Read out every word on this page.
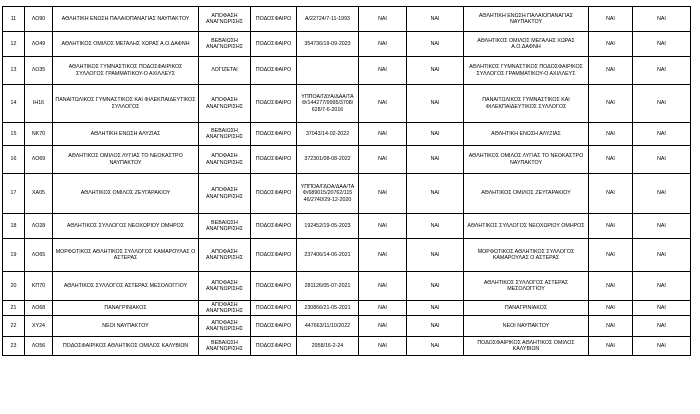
11	ΛΟ90	ΑΘΛΗΤΙΚΗ ΕΝΩΣΗ ΠΑΛΑΙΟΠΑΝΑΓΙΑΣ ΝΑΥΠΑΚΤΟΥ	ΑΠΟΦΑΣΗ ΑΝΑΓΝΩΡΙΣΗΣ	ΠΟΔΟΣΦΑΙΡΟ	Α/22724/7-11-1993	ΝΑΙ	ΝΑΙ	ΑΘΛΗΤΙΚΗ ΕΝΩΣΗ ΠΑΛΑΙΟΠΑΝΑΓΙΑΣ ΝΑΥΠΑΚΤΟΥ	ΝΑΙ	ΝΑΙ
12	ΛΟ49	ΑΘΛΗΤΙΚΟΣ ΟΜΙΛΟΣ ΜΕΓΑΛΗΣ ΧΩΡΑΣ Α.Ο.ΔΑΦΝΗ	ΒΕΒΑΙΩΣΗ ΑΝΑΓΝΩΡΙΣΗΣ	ΠΟΔΟΣΦΑΙΡΟ	354736/19-09-2023	ΝΑΙ	ΝΑΙ	ΑΘΛΗΤΙΚΟΣ ΟΜΙΛΟΣ ΜΕΓΑΛΗΣ ΧΩΡΑΣ Α.Ο.ΔΑΦΝΗ	ΝΑΙ	ΝΑΙ
13	ΛΟ35	ΑΘΛΗΤΙΚΟΣ ΓΥΜΝΑΣΤΙΚΟΣ ΠΟΔΟΣΦΑΙΡΙΚΟΣ ΣΥΛΛΟΓΟΣ ΓΡΑΜΜΑΤΙΚΟΥ-Ο ΑΧΙΛΛΕΥΣ	ΛΟΓΙΖΕΤΑΙ	ΠΟΔΟΣΦΑΙΡΟ		ΝΑΙ	ΝΑΙ	ΑΘΛΗΤΙΚΟΣ ΓΥΜΝΑΣΤΙΚΟΣ ΠΟΔΟΣΦΑΙΡΙΚΟΣ ΣΥΛΛΟΓΟΣ ΓΡΑΜΜΑΤΙΚΟΥ-Ο ΑΧΙΛΛΕΥΣ	ΝΑΙ	ΝΑΙ
14	ΙΗ16	ΠΑΝΑΙΤΩΛΙΚΟΣ ΓΥΜΝΑΣΤΙΚΟΣ ΚΑΙ ΦΙΛΕΚΠΑΙΔΕΥΤΙΚΟΣ ΣΥΛΛΟΓΟΣ	ΑΠΟΦΑΣΗ ΑΝΑΓΝΩΡΙΣΗΣ	ΠΟΔΟΣΦΑΙΡΟ	ΥΠΠΟΑ/ΓΔΥΑ/ΔΑΑ/ΤΑ Φ/144277/9995/3708/ 628/7-6-2016	ΝΑΙ	ΝΑΙ	ΠΑΝΑΙΤΩΛΙΚΟΣ ΓΥΜΝΑΣΤΙΚΟΣ ΚΑΙ ΦΙΛΕΚΠΑΙΔΕΥΤΙΚΟΣ ΣΥΛΛΟΓΟΣ	ΝΑΙ	ΝΑΙ
15	ΝΚ70	ΑΘΛΗΤΙΚΗ ΕΝΩΣΗ ΑΛΥΖΙΑΣ	ΒΕΒΑΙΩΣΗ ΑΝΑΓΝΩΡΙΣΗΣ	ΠΟΔΟΣΦΑΙΡΟ	37043/14-02-2022	ΝΑΙ	ΝΑΙ	ΑΘΛΗΤΙΚΗ ΕΝΩΣΗ ΑΛΥΖΙΑΣ	ΝΑΙ	ΝΑΙ
16	ΛΟ69	ΑΘΛΗΤΙΚΟΣ ΟΜΙΛΟΣ ΛΥΓΙΑΣ ΤΟ ΝΕΟΚΑΣΤΡΟ ΝΑΥΠΑΚΤΟΥ	ΑΠΟΦΑΣΗ ΑΝΑΓΝΩΡΙΣΗΣ	ΠΟΔΟΣΦΑΙΡΟ	372301/08-08-2022	ΝΑΙ	ΝΑΙ	ΑΘΛΗΤΙΚΟΣ ΟΜΙΛΟΣ ΛΥΓΙΑΣ ΤΟ ΝΕΟΚΑΣΤΡΟ ΝΑΥΠΑΚΤΟΥ	ΝΑΙ	ΝΑΙ
17	ΧΑ05	ΑΘΛΗΤΙΚΟΣ ΟΜΙΛΟΣ ΖΕΥΓΑΡΑΚΙΟΥ	ΑΠΟΦΑΣΗ ΑΝΑΓΝΩΡΙΣΗΣ	ΠΟΔΟΣΦΑΙΡΟ	ΥΠΠΟΑ/ΓΔΟΑ/ΔΑΑ/ΤΑ Φ/689015/20762/115 46/2740/29-12-2020	ΝΑΙ	ΝΑΙ	ΑΘΛΗΤΙΚΟΣ ΟΜΙΛΟΣ ΖΕΥΓΑΡΑΚΙΟΥ	ΝΑΙ	ΝΑΙ
18	ΛΟ28	ΑΘΛΗΤΙΚΟΣ ΣΥΛΛΟΓΟΣ ΝΕΟΧΩΡΙΟΥ ΟΜΗΡΟΣ	ΒΕΒΑΙΩΣΗ ΑΝΑΓΝΩΡΙΣΗΣ	ΠΟΔΟΣΦΑΙΡΟ	192452/19-05-2023	ΝΑΙ	ΝΑΙ	ΑΘΛΗΤΙΚΟΣ ΣΥΛΛΟΓΟΣ ΝΕΟΧΩΡΙΟΥ ΟΜΗΡΟΣ	ΝΑΙ	ΝΑΙ
19	ΛΟ65	ΜΟΡΦΩΤΙΚΟΣ ΑΘΛΗΤΙΚΟΣ ΣΥΛΛΟΓΟΣ ΚΑΜΑΡΟΥΛΑΣ Ο ΑΣΤΕΡΑΣ	ΑΠΟΦΑΣΗ ΑΝΑΓΝΩΡΙΣΗΣ	ΠΟΔΟΣΦΑΙΡΟ	237406/14-06-2021	ΝΑΙ	ΝΑΙ	ΜΟΡΦΩΤΙΚΟΣ ΑΘΛΗΤΙΚΟΣ ΣΥΛΛΟΓΟΣ ΚΑΜΑΡΟΥΛΑΣ Ο ΑΣΤΕΡΑΣ	ΝΑΙ	ΝΑΙ
20	ΚΠ70	ΑΘΛΗΤΙΚΟΣ ΣΥΛΛΟΓΟΣ ΑΣΤΕΡΑΣ ΜΕΣΟΛΟΓΓΙΟΥ	ΑΠΟΦΑΣΗ ΑΝΑΓΝΩΡΙΣΗΣ	ΠΟΔΟΣΦΑΙΡΟ	281126/05-07-2021	ΝΑΙ	ΝΑΙ	ΑΘΛΗΤΙΚΟΣ ΣΥΛΛΟΓΟΣ ΑΣΤΕΡΑΣ ΜΕΣΟΛΟΓΓΙΟΥ	ΝΑΙ	ΝΑΙ
21	ΛΟ68	ΠΑΝΑΓΡΙΝΙΑΚΟΣ	ΑΠΟΦΑΣΗ ΑΝΑΓΝΩΡΙΣΗΣ	ΠΟΔΟΣΦΑΙΡΟ	230866/21-05-2021	ΝΑΙ	ΝΑΙ	ΠΑΝΑΓΡΙΝΙΑΚΟΣ	ΝΑΙ	ΝΑΙ
22	ΧΥ24	ΝΕΟΙ ΝΑΥΠΑΚΤΟΥ	ΑΠΟΦΑΣΗ ΑΝΑΓΝΩΡΙΣΗΣ	ΠΟΔΟΣΦΑΙΡΟ	447663/11/10/2022	ΝΑΙ	ΝΑΙ	ΝΕΟΙ ΝΑΥΠΑΚΤΟΥ	ΝΑΙ	ΝΑΙ
23	ΛΟ56	ΠΟΔΟΣΦΑΙΡΙΚΟΣ ΑΘΛΗΤΙΚΟΣ ΟΜΙΛΟΣ ΚΑΛΥΒΙΩΝ	ΒΕΒΑΙΩΣΗ ΑΝΑΓΝΩΡΙΣΗΣ	ΠΟΔΟΣΦΑΙΡΟ	2958/16-2-24	ΝΑΙ	ΝΑΙ	ΠΟΔΟΣΦΑΙΡΙΚΟΣ ΑΘΛΗΤΙΚΟΣ ΟΜΙΛΟΣ ΚΑΛΥΒΙΩΝ	ΝΑΙ	ΝΑΙ
